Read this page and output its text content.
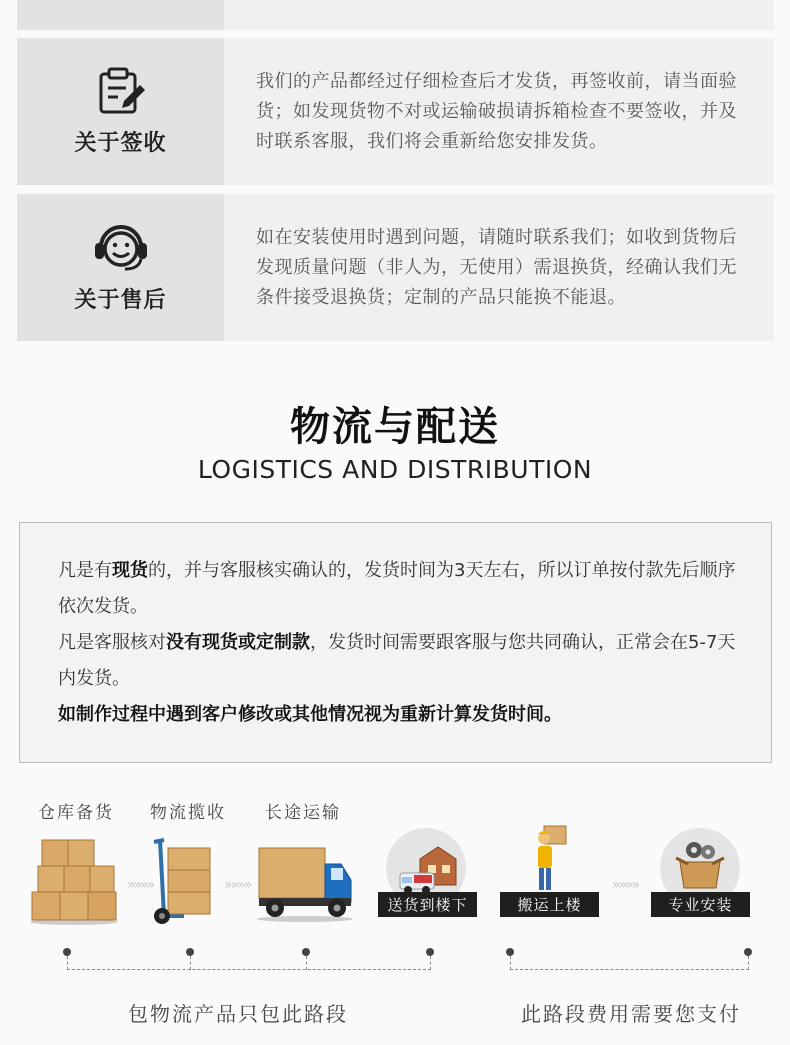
关于签收

我们的产品都经过仔细检查后才发货，再签收前，请当面验货；如发现货物不对或运输破损请拆箱检查不要签收，并及时联系客服，我们将会重新给您安排发货。

关于售后

如在安装使用时遇到问题，请随时联系我们；如收到货物后发现质量问题（非人为，无使用）需退换货，经确认我们无条件接受退换货；定制的产品只能换不能退。

物流与配送
LOGISTICS AND DISTRIBUTION

凡是有现货的，并与客服核实确认的，发货时间为3天左右，所以订单按付款先后顺序依次发货。

凡是客服核对没有现货或定制款，发货时间需要跟客服与您共同确认，正常会在5-7天内发货。

如制作过程中遇到客户修改或其他情况视为重新计算发货时间。

仓库备货 物流揽收 长途运输
»»»»	»»»»
送货到楼下	搬运上楼
»»»»
专业安装
包物流产品只包此路段	此路段费用需要您支付
